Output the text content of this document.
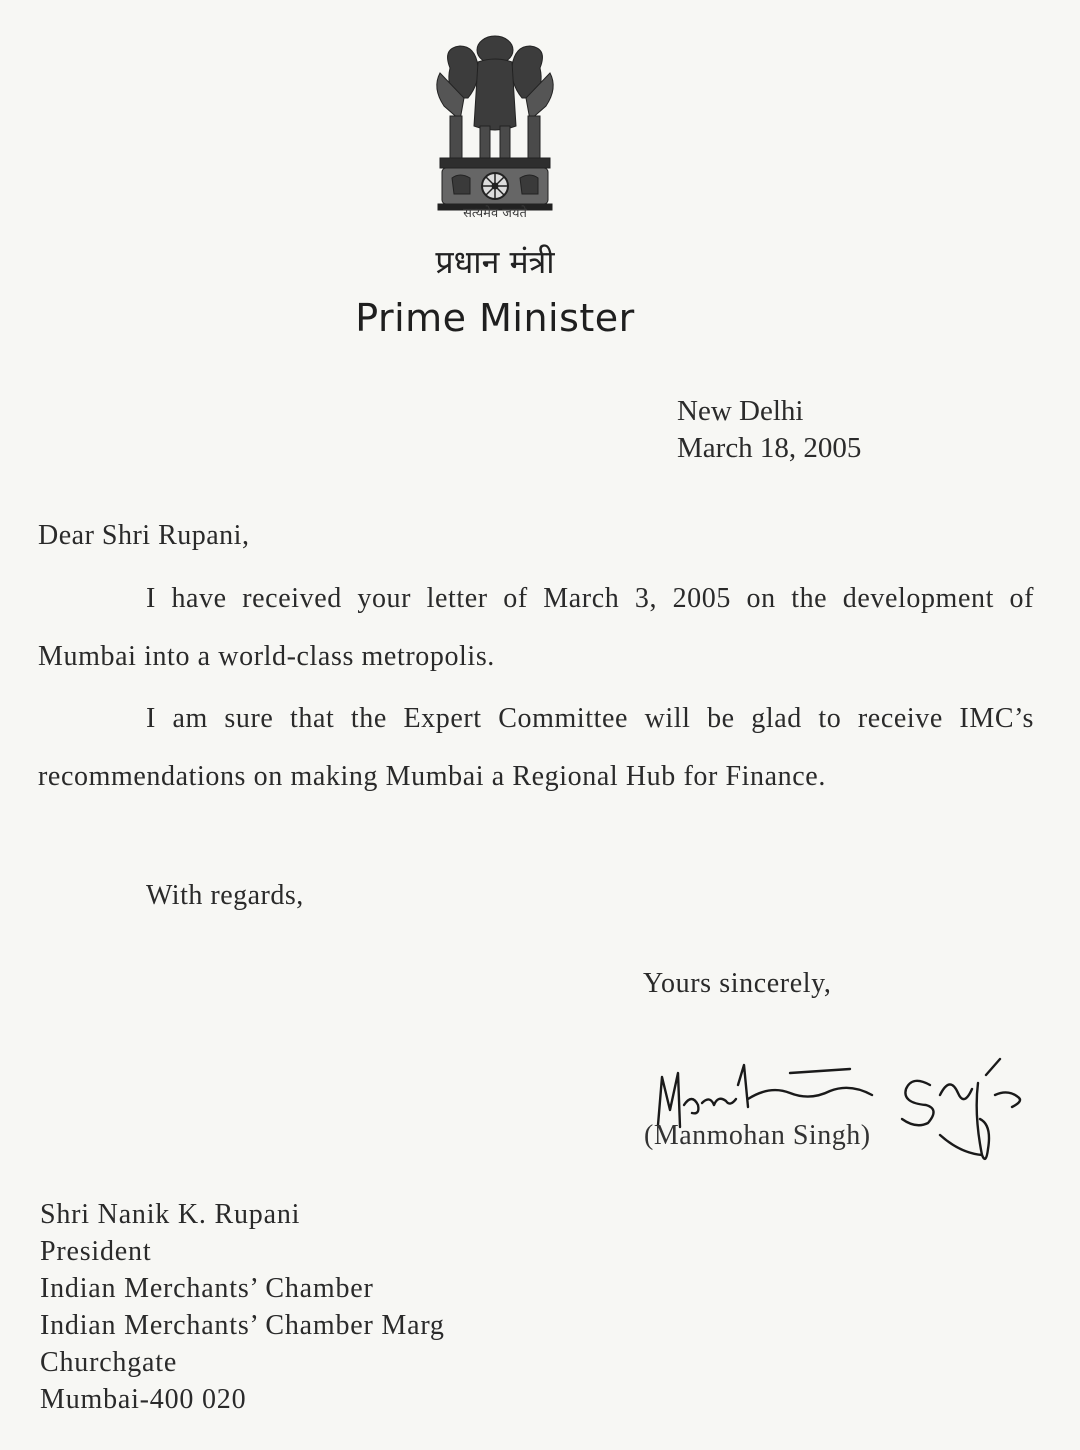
सत्यमेव जयते
प्रधान मंत्री
Prime Minister
New Delhi
March 18, 2005
Dear Shri Rupani,
I have received your letter of March 3, 2005 on the development of Mumbai into a world-class metropolis.
I am sure that the Expert Committee will be glad to receive IMC’s recommendations on making Mumbai a Regional Hub for Finance.
With regards,
Yours sincerely,
(Manmohan Singh)
Shri Nanik K. Rupani
President
Indian Merchants’ Chamber
Indian Merchants’ Chamber Marg
Churchgate
Mumbai-400 020
